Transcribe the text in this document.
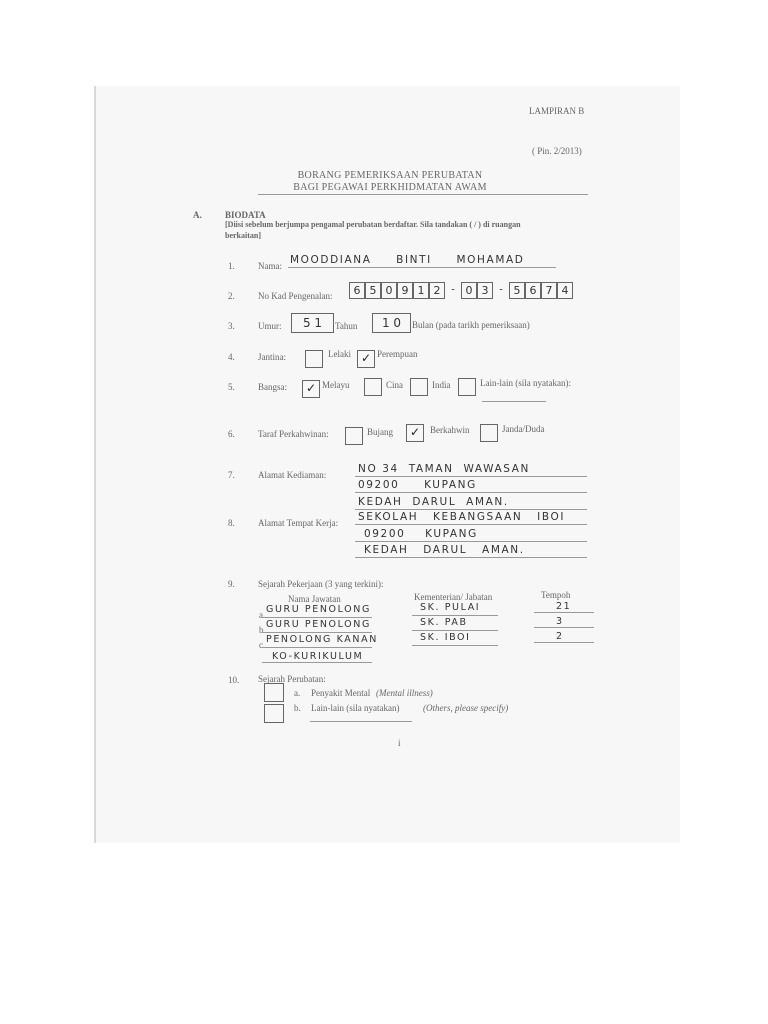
LAMPIRAN B
( Pin. 2/2013)
BORANG PEMERIKSAAN PERUBATAN
BAGI PEGAWAI PERKHIDMATAN AWAM
A.	BIODATA
[Diisi sebelum berjumpa pengamal perubatan berdaftar. Sila tandakan ( / ) di ruangan
berkaitan]
1.	Nama: MOODDIANA     BINTI     MOHAMAD
2.	No Kad Pengenalan:	6 5 0 9 1 2	- 0 3	- 5 6 7 4
3.	Umur:	5 1	Tahun	1 0	Bulan (pada tarikh pemeriksaan)
4.	Jantina:	Lelaki ✓ Perempuan
5.	Bangsa: ✓ Melayu	Cina	India	Lain-lain (sila nyatakan):
6.	Taraf Perkahwinan:	Bujang ✓ Berkahwin	Janda/Duda
7.	Alamat Kediaman:	NO 34  TAMAN  WAWASAN
09200     KUPANG
KEDAH  DARUL  AMAN.
8.	Alamat Tempat Kerja: SEKOLAH   KEBANGSAAN   IBOI
09200    KUPANG
KEDAH   DARUL   AMAN.
9.	Sejarah Pekerjaan (3 yang terkini):
Nama Jawatan	Kementerian/ Jabatan	Tempoh
a. GURU PENOLONG	SK. PULAI	21
b. GURU PENOLONG	SK. PAB	3
c. PENOLONG KANAN	SK. IBOI	2
KO-KURIKULUM
10. Sejarah Perubatan:
a. Penyakit Mental (Mental illness)
b. Lain-lain (sila nyatakan)	(Others, please specify)
i
